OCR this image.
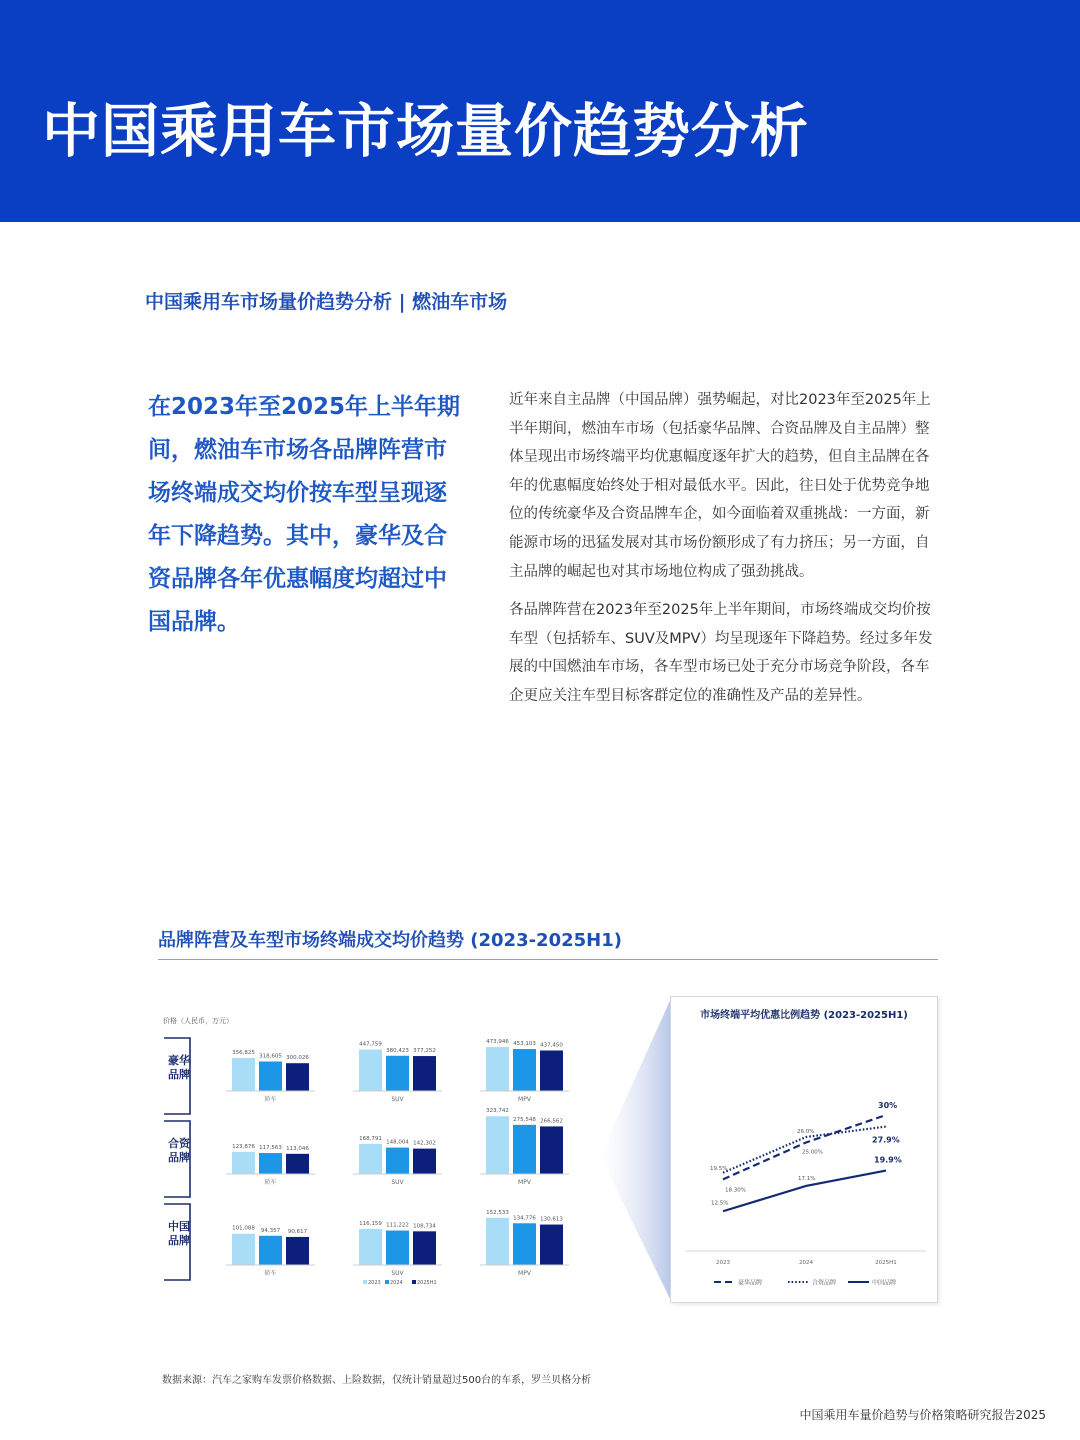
中国乘用车市场量价趋势分析
中国乘用车市场量价趋势分析 | 燃油车市场
在2023年至2025年上半年期间，燃油车市场各品牌阵营市场终端成交均价按车型呈现逐年下降趋势。其中，豪华及合资品牌各年优惠幅度均超过中国品牌。

近年来自主品牌（中国品牌）强势崛起，对比2023年至2025年上半年期间，燃油车市场（包括豪华品牌、合资品牌及自主品牌）整体呈现出市场终端平均优惠幅度逐年扩大的趋势，但自主品牌在各年的优惠幅度始终处于相对最低水平。因此，往日处于优势竞争地位的传统豪华及合资品牌车企，如今面临着双重挑战：一方面，新能源市场的迅猛发展对其市场份额形成了有力挤压；另一方面，自主品牌的崛起也对其市场地位构成了强劲挑战。

各品牌阵营在2023年至2025年上半年期间，市场终端成交均价按车型（包括轿车、SUV及MPV）均呈现逐年下降趋势。经过多年发展的中国燃油车市场，各车型市场已处于充分市场竞争阶段，各车企更应关注车型目标客群定位的准确性及产品的差异性。

品牌阵营及车型市场终端成交均价趋势 (2023-2025H1)
价格（人民币，万元）
豪华
品牌
356,825
318,605 300,026
轿车
447,759
380,423 377,252
SUV
473,946 453,103 437,450
MPV
合资
品牌
123,876 117,563 113,046
轿车
168,791
148,004 142,302
SUV
323,742
275,548 266,562
MPV
中国
品牌
101,088 94,357 90,617
轿车
116,159 111,222 108,734
SUV
152,533
134,776 130,613
MPV
2023 2024	2025H1
市场终端平均优惠比例趋势 (2023-2025H1)
2023	2024	2025H1
18.30%
25.00%
30%
19.5%
26.0%
27.9%
12.5%
17.1%
19.9%
豪华品牌	合资品牌	中国品牌
数据来源：汽车之家购车发票价格数据、上险数据，仅统计销量超过500台的车系，罗兰贝格分析
中国乘用车量价趋势与价格策略研究报告2025
